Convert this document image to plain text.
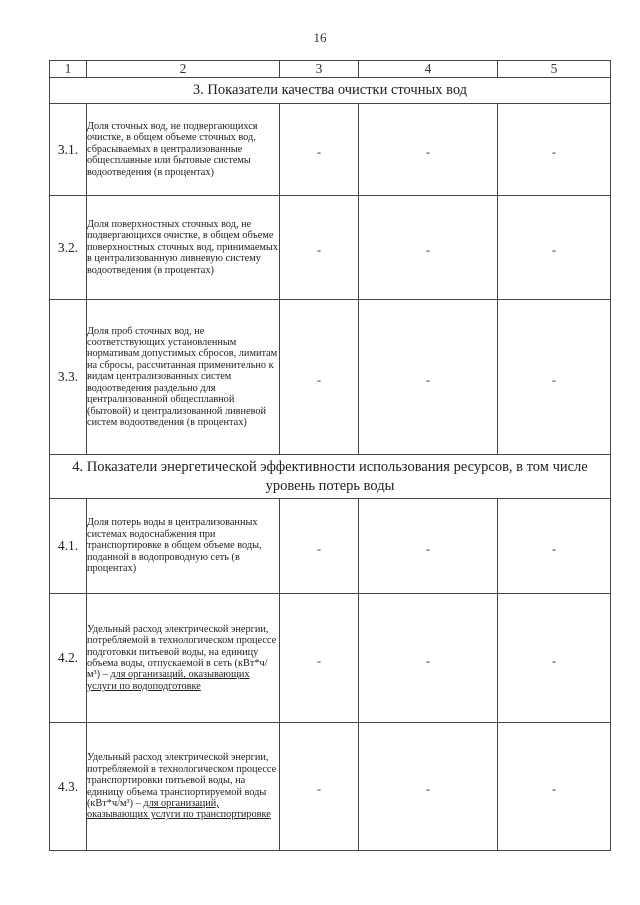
16
1	2	3	4	5
3. Показатели качества очистки сточных вод				
3.1.	Доля сточных вод, не подвергающихся очистке, в общем объеме сточных вод, сбрасываемых в централизованные общесплавные или бытовые системы водоотведения (в процентах)	-	-	-
3.2.	Доля поверхностных сточных вод, не подвергающихся очистке, в общем объеме поверхностных сточных вод, принимаемых в централизованную ливневую систему водоотведения (в процентах)	-	-	-
3.3.	Доля проб сточных вод, не соответствующих установленным нормативам допустимых сбросов, лимитам на сбросы, рассчитанная применительно к видам централизованных систем водоотведения раздельно для централизованной общесплавной (бытовой) и централизованной ливневой систем водоотведения (в процентах)	-	-	-
4. Показатели энергетической эффективности использования ресурсов, в том числе уровень потерь воды				
4.1.	Доля потерь воды в централизованных системах водоснабжения при транспортировке в общем объеме воды, поданной в водопроводную сеть (в процентах)	-	-	-
4.2.	Удельный расход электрической энергии, потребляемой в технологическом процессе подготовки питьевой воды, на единицу объема воды, отпускаемой в сеть (кВт*ч/м³) – для организаций, оказывающих услуги по водоподготовке	-	-	-
4.3.	Удельный расход электрической энергии, потребляемой в технологическом процессе транспортировки питьевой воды, на единицу объема транспортируемой воды (кВт*ч/м³) – для организаций, оказывающих услуги по транспортировке	-	-	-
